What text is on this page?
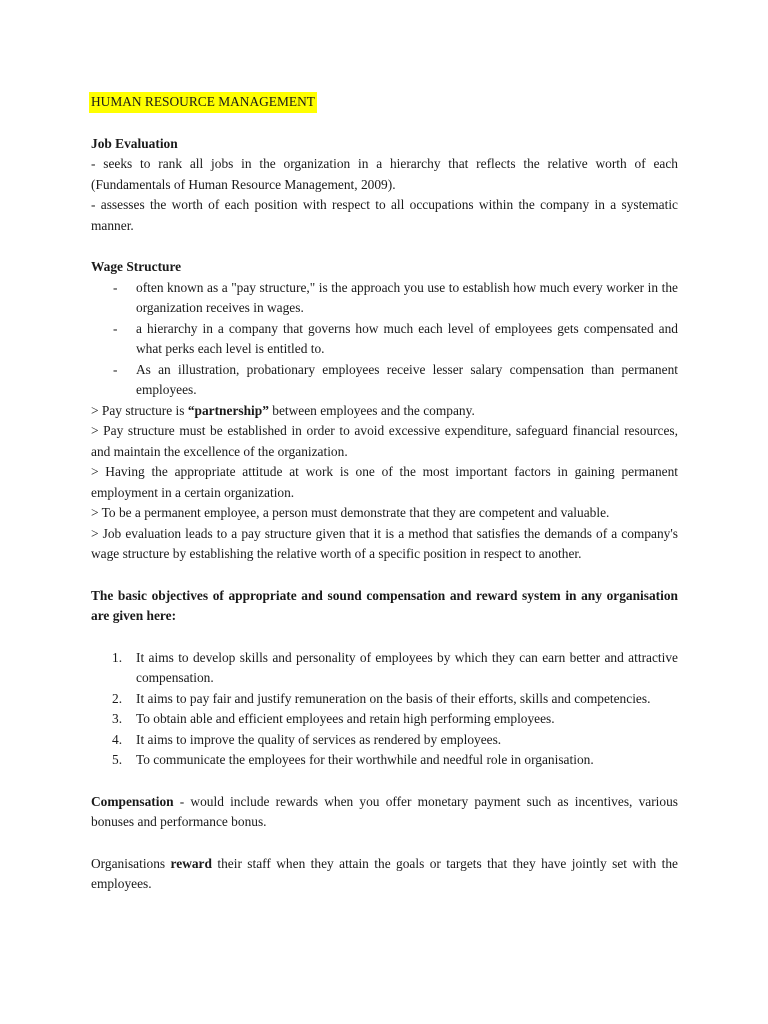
HUMAN RESOURCE MANAGEMENT

Job Evaluation

- seeks to rank all jobs in the organization in a hierarchy that reflects the relative worth of each (Fundamentals of Human Resource Management, 2009).

- assesses the worth of each position with respect to all occupations within the company in a systematic manner.

Wage Structure

- often known as a "pay structure," is the approach you use to establish how much every worker in the organization receives in wages.
- a hierarchy in a company that governs how much each level of employees gets compensated and what perks each level is entitled to.
- As an illustration, probationary employees receive lesser salary compensation than permanent employees.

> Pay structure is “partnership” between employees and the company.

> Pay structure must be established in order to avoid excessive expenditure, safeguard financial resources, and maintain the excellence of the organization.

> Having the appropriate attitude at work is one of the most important factors in gaining permanent employment in a certain organization.

> To be a permanent employee, a person must demonstrate that they are competent and valuable.

> Job evaluation leads to a pay structure given that it is a method that satisfies the demands of a company's wage structure by establishing the relative worth of a specific position in respect to another.

The basic objectives of appropriate and sound compensation and reward system in any organisation are given here:

1. It aims to develop skills and personality of employees by which they can earn better and attractive compensation.
2. It aims to pay fair and justify remuneration on the basis of their efforts, skills and competencies.
3. To obtain able and efficient employees and retain high performing employees.
4. It aims to improve the quality of services as rendered by employees.
5. To communicate the employees for their worthwhile and needful role in organisation.

Compensation - would include rewards when you offer monetary payment such as incentives, various bonuses and performance bonus.

Organisations reward their staff when they attain the goals or targets that they have jointly set with the employees.
